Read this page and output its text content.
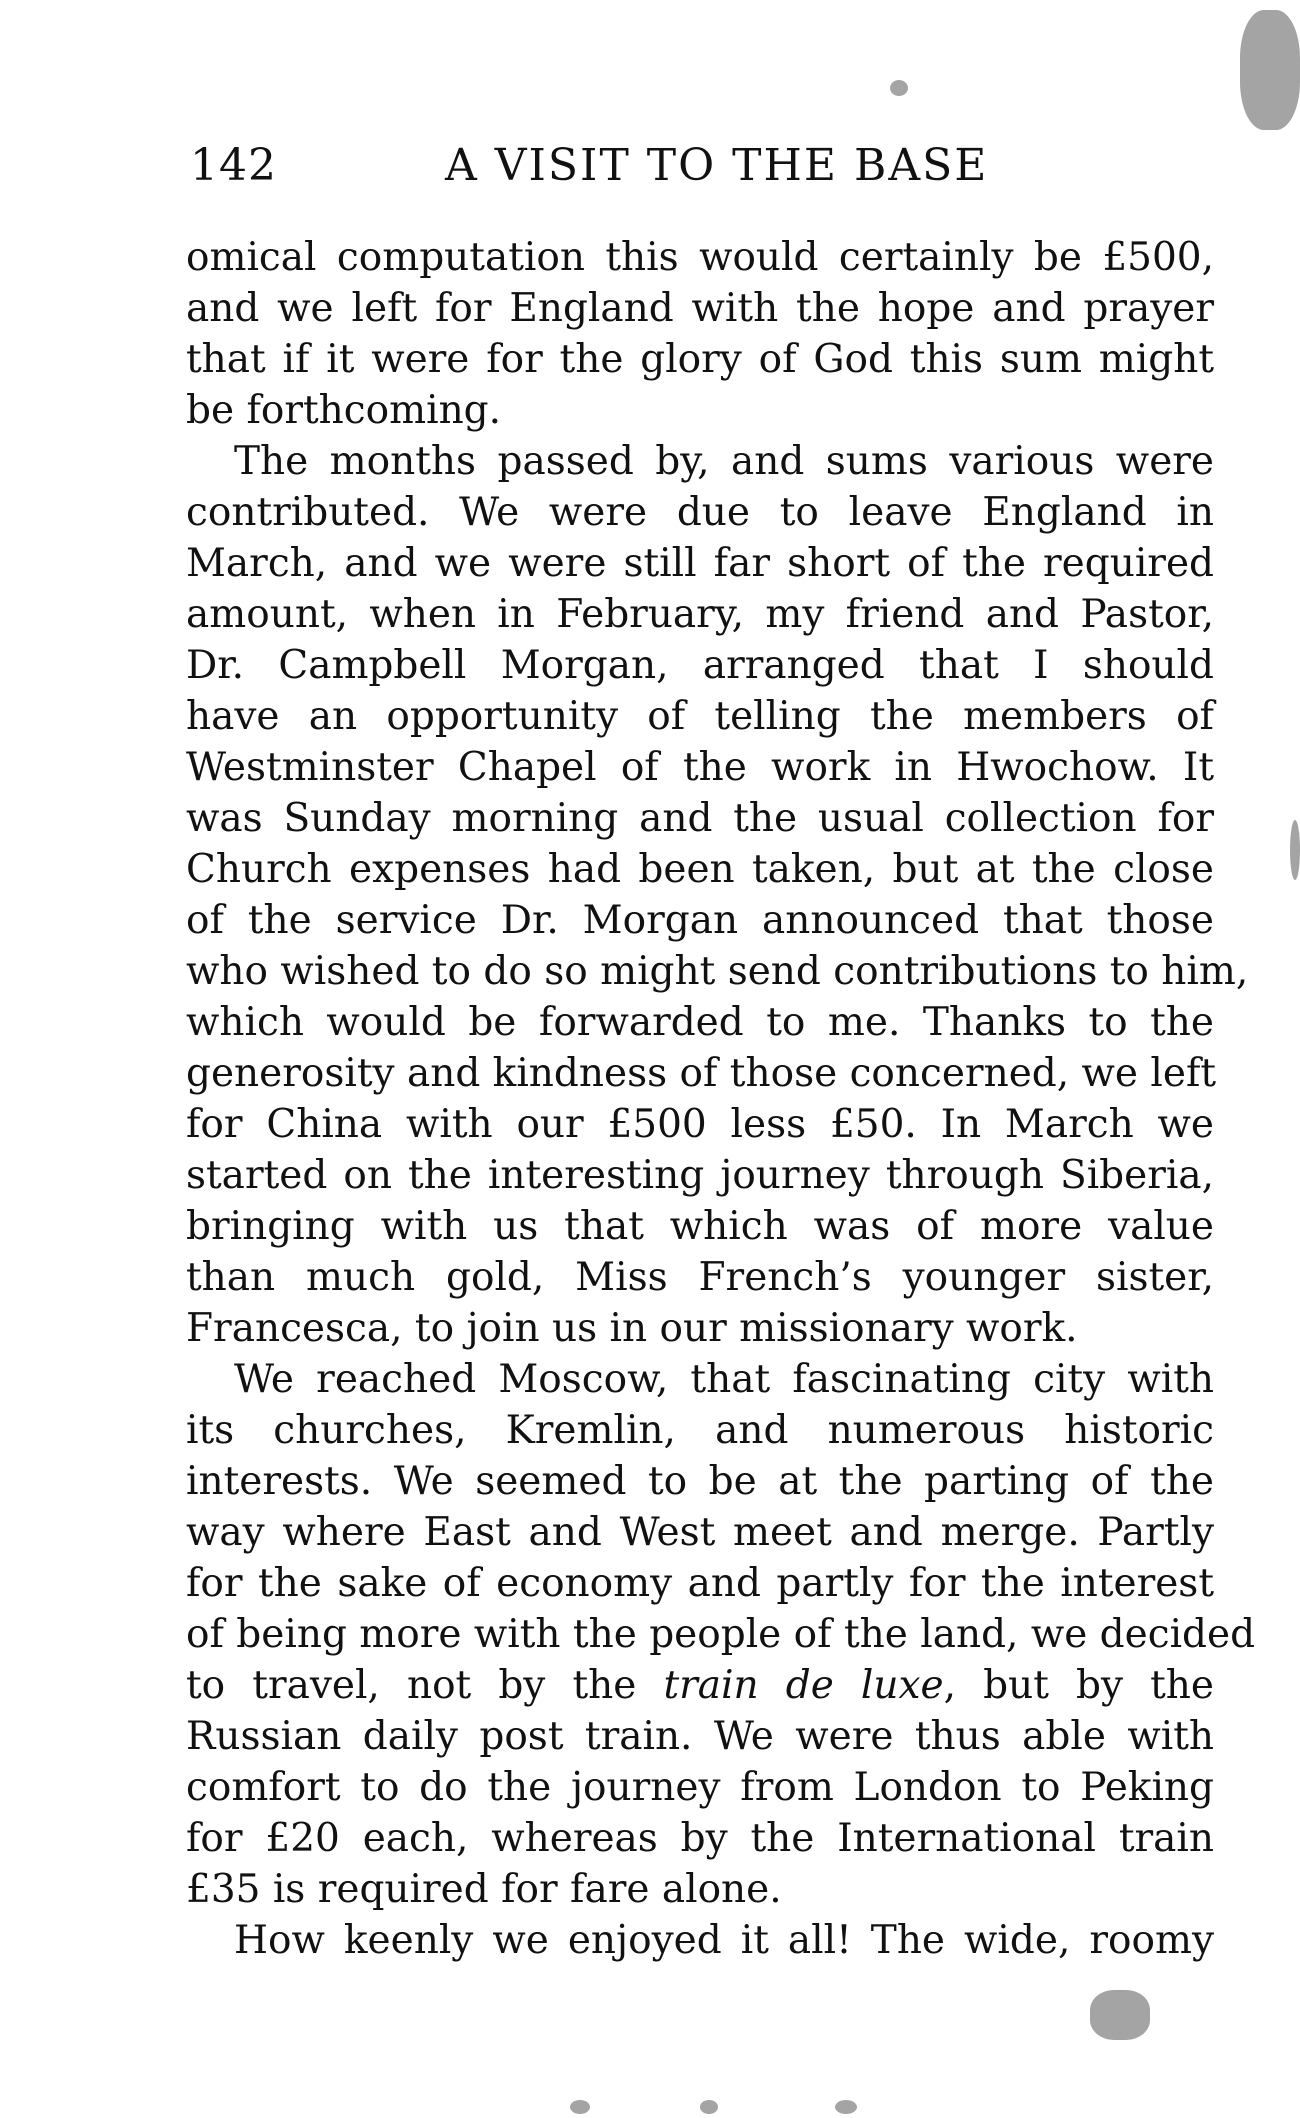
142	A VISIT TO THE BASE
omical computation this would certainly be £500,
and we left for England with the hope and prayer
that if it were for the glory of God this sum might
be forthcoming.
The months passed by, and sums various were
contributed. We were due to leave England in
March, and we were still far short of the required
amount, when in February, my friend and Pastor,
Dr. Campbell Morgan, arranged that I should
have an opportunity of telling the members of
Westminster Chapel of the work in Hwochow. It
was Sunday morning and the usual collection for
Church expenses had been taken, but at the close
of the service Dr. Morgan announced that those
who wished to do so might send contributions to him,
which would be forwarded to me. Thanks to the
generosity and kindness of those concerned, we left
for China with our £500 less £50. In March we
started on the interesting journey through Siberia,
bringing with us that which was of more value
than much gold, Miss French’s younger sister,
Francesca, to join us in our missionary work.
We reached Moscow, that fascinating city with
its churches, Kremlin, and numerous historic
interests. We seemed to be at the parting of the
way where East and West meet and merge. Partly
for the sake of economy and partly for the interest
of being more with the people of the land, we decided
to travel, not by the train de luxe, but by the
Russian daily post train. We were thus able with
comfort to do the journey from London to Peking
for £20 each, whereas by the International train
£35 is required for fare alone.
How keenly we enjoyed it all! The wide, roomy
